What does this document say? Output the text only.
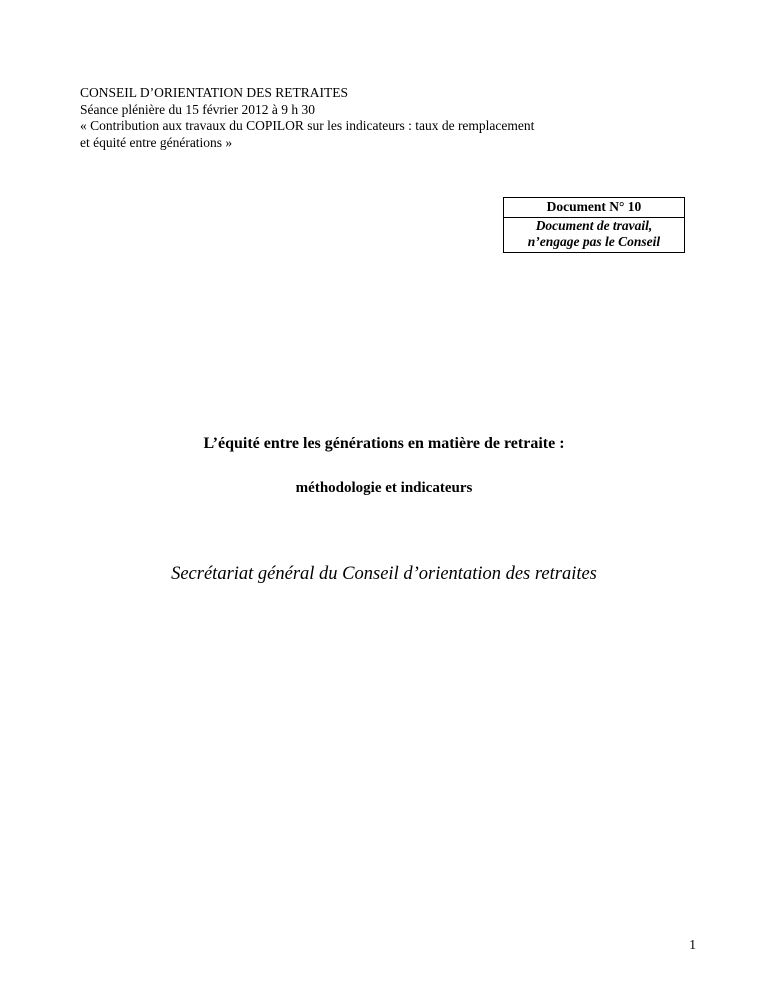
CONSEIL D’ORIENTATION DES RETRAITES
Séance plénière du 15 février 2012 à 9 h 30
« Contribution aux travaux du COPILOR sur les indicateurs : taux de remplacement
et équité entre générations »
Document N° 10
Document de travail,
n’engage pas le Conseil
L’équité entre les générations en matière de retraite :
méthodologie et indicateurs
Secrétariat général du Conseil d’orientation des retraites
1
